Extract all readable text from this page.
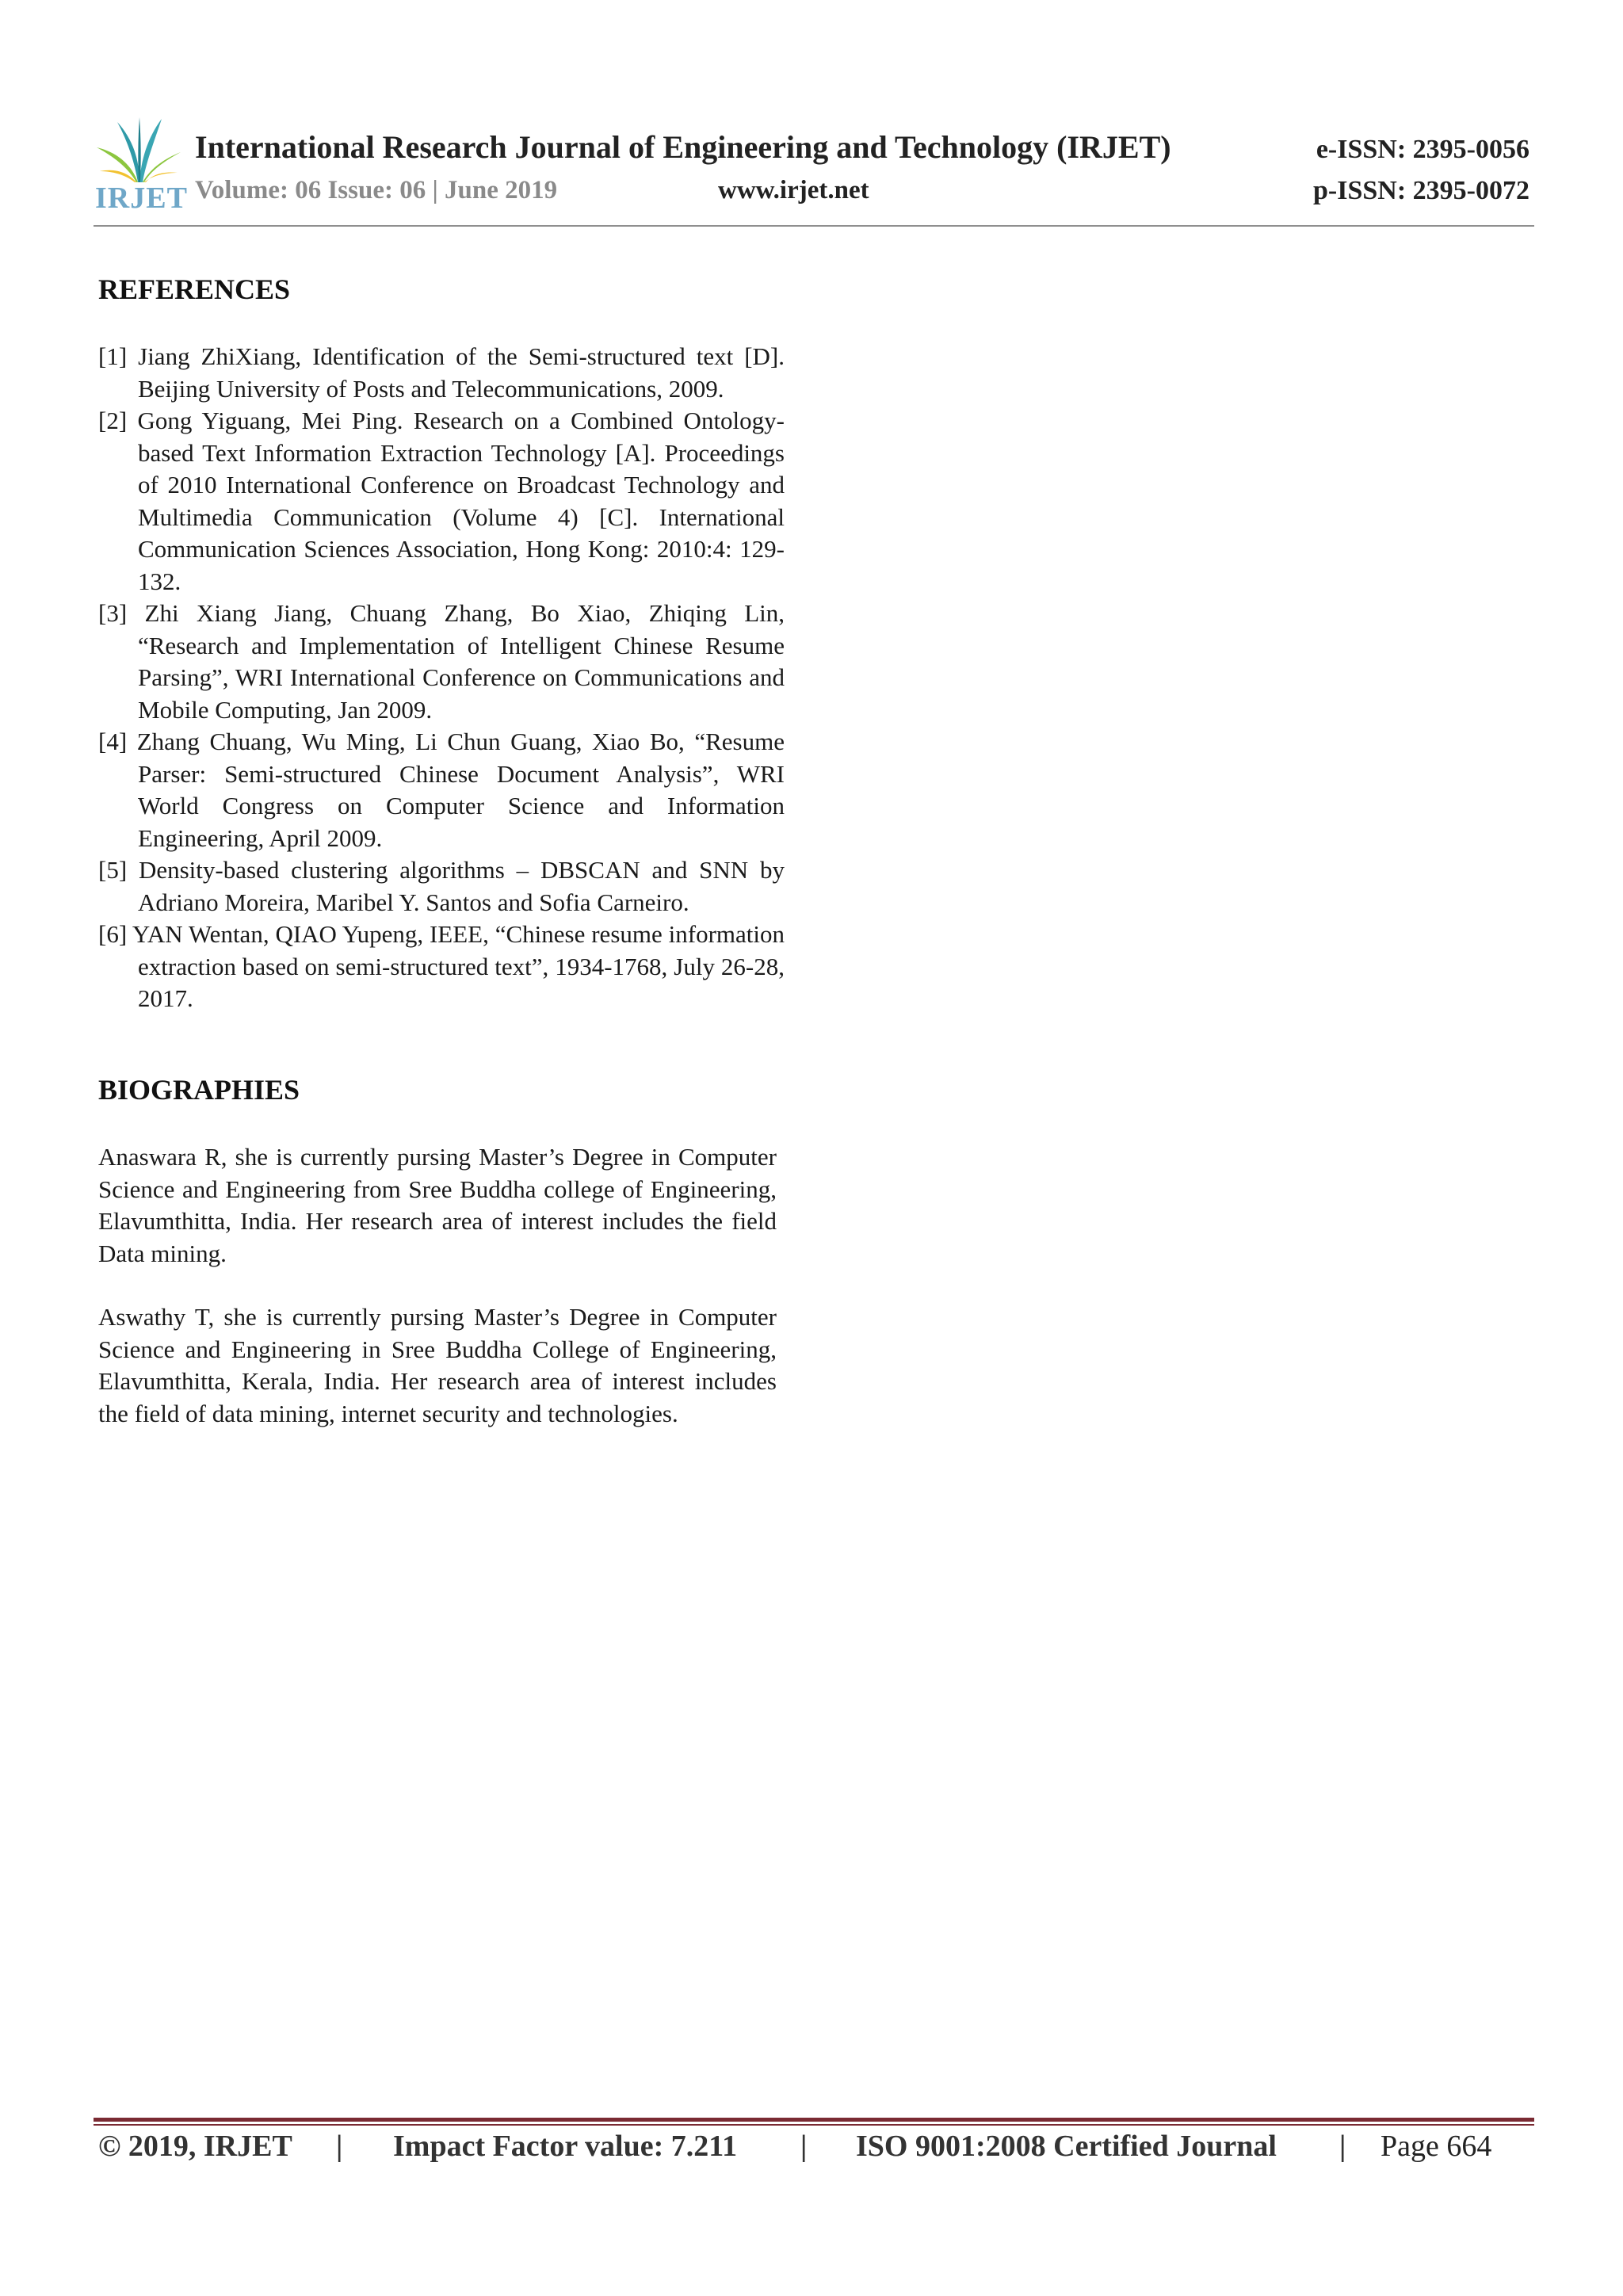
IRJET
International Research Journal of Engineering and Technology (IRJET)
Volume: 06 Issue: 06 | June 2019	www.irjet.net
e-ISSN: 2395-0056
p-ISSN: 2395-0072
REFERENCES

[1] Jiang ZhiXiang, Identification of the Semi-structured text [D]. Beijing University of Posts and Telecommunications, 2009.

[2] Gong Yiguang, Mei Ping. Research on a Combined Ontology-based Text Information Extraction Technology [A]. Proceedings of 2010 International Conference on Broadcast Technology and Multimedia Communication (Volume 4) [C]. International Communication Sciences Association, Hong Kong: 2010:4: 129-132.

[3] Zhi Xiang Jiang, Chuang Zhang, Bo Xiao, Zhiqing Lin, “Research and Implementation of Intelligent Chinese Resume Parsing”, WRI International Conference on Communications and Mobile Computing, Jan 2009.

[4] Zhang Chuang, Wu Ming, Li Chun Guang, Xiao Bo, “Resume Parser: Semi-structured Chinese Document Analysis”, WRI World Congress on Computer Science and Information Engineering, April 2009.

[5] Density-based clustering algorithms – DBSCAN and SNN by Adriano Moreira, Maribel Y. Santos and Sofia Carneiro.

[6] YAN Wentan, QIAO Yupeng, IEEE, “Chinese resume information extraction based on semi-structured text”, 1934-1768, July 26-28, 2017.

BIOGRAPHIES

Anaswara R, she is currently pursing Master’s Degree in Computer Science and Engineering from Sree Buddha college of Engineering, Elavumthitta, India. Her research area of interest includes the field Data mining.

Aswathy T, she is currently pursing Master’s Degree in Computer Science and Engineering in Sree Buddha College of Engineering, Elavumthitta, Kerala, India. Her research area of interest includes the field of data mining, internet security and technologies.

© 2019, IRJET | Impact Factor value: 7.211 | ISO 9001:2008 Certified Journal | Page 664
